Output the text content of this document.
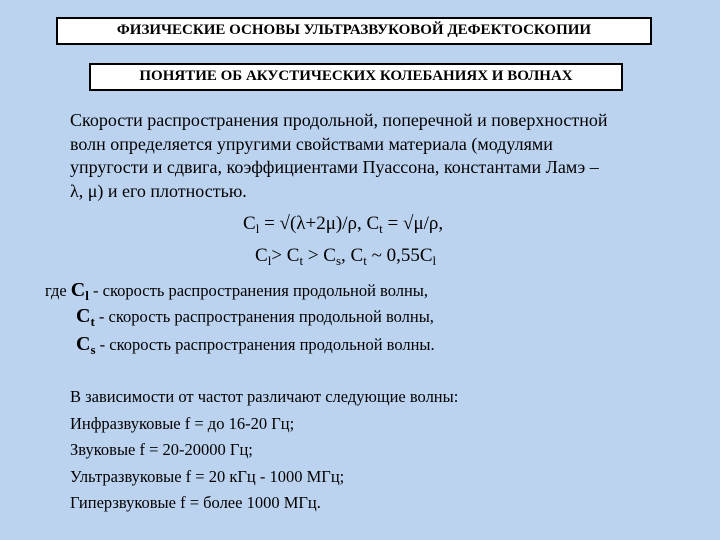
ФИЗИЧЕСКИЕ ОСНОВЫ УЛЬТРАЗВУКОВОЙ ДЕФЕКТОСКОПИИ
ПОНЯТИЕ ОБ АКУСТИЧЕСКИХ КОЛЕБАНИЯХ И ВОЛНАХ
Скорости распространения продольной, поперечной и поверхностной
волн определяется упругими свойствами материала (модулями
упругости и сдвига, коэффициентами Пуассона, константами Ламэ –
λ, μ) и его плотностью.
$C_l = √(\lambda+2\mu)/\rho$, $C_t = √\mu/\rho$,
$C_l> C_t > C_s$, $C_t$ ~ $0,55C_l$
где $C_l$ - скорость распространения продольной волны,
$C_t$ - скорость распространения продольной волны,
$C_s$ - скорость распространения продольной волны.
В зависимости от частот различают следующие волны:
Инфразвуковые f = до 16-20 Гц;
Звуковые f = 20-20000 Гц;
Ультразвуковые f = 20 кГц - 1000 МГц;
Гиперзвуковые f = более 1000 МГц.
